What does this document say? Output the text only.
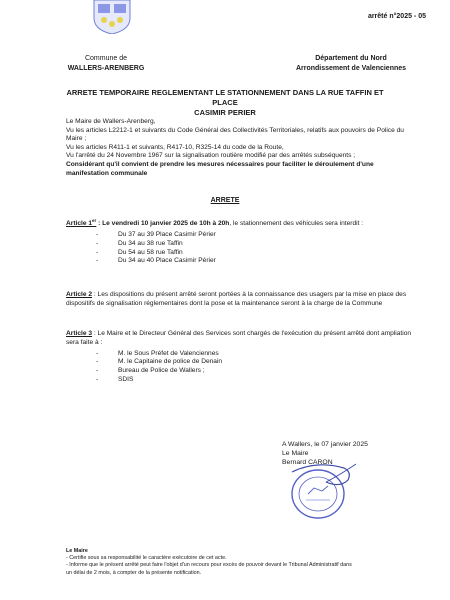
arrêté n°2025 - 05
Commune de
WALLERS-ARENBERG
Département du Nord
Arrondissement de Valenciennes
ARRETE TEMPORAIRE REGLEMENTANT LE STATIONNEMENT DANS LA RUE TAFFIN ET PLACE
CASIMIR PERIER
Le Maire de Wallers-Arenberg,
Vu les articles L2212-1 et suivants du Code Général des Collectivités Territoriales, relatifs aux pouvoirs de Police du Maire ;
Vu les articles R411-1 et suivants, R417-10, R325-14 du code de la Route,
Vu l'arrêté du 24 Novembre 1967 sur la signalisation routière modifié par des arrêtés subséquents ;
Considérant qu'il convient de prendre les mesures nécessaires pour faciliter le déroulement d'une manifestation communale
ARRETE
Article 1er : Le vendredi 10 janvier 2025 de 10h à 20h, le stationnement des véhicules sera interdit :
- Du 37 au 39 Place Casimir Périer
- Du 34 au 38 rue Taffin
- Du 54 au 58 rue Taffin
- Du 34 au 40 Place Casimir Périer
Article 2 : Les dispositions du présent arrêté seront portées à la connaissance des usagers par la mise en place des dispositifs de signalisation réglementaires dont la pose et la maintenance seront à la charge de la Commune
Article 3 : Le Maire et le Directeur Général des Services sont chargés de l'exécution du présent arrêté dont ampliation sera faite à :
- M. le Sous Préfet de Valenciennes
- M. le Capitaine de police de Denain
- Bureau de Police de Wallers ;
- SDIS
A Wallers, le 07 janvier 2025
Le Maire
Bernard CARON
Le Maire
- Certifie sous sa responsabilité le caractère exécutoire de cet acte.
- Informe que le présent arrêté peut faire l'objet d'un recours pour excès de pouvoir devant le Tribunal Administratif dans
un délai de 2 mois, à compter de la présente notification.
